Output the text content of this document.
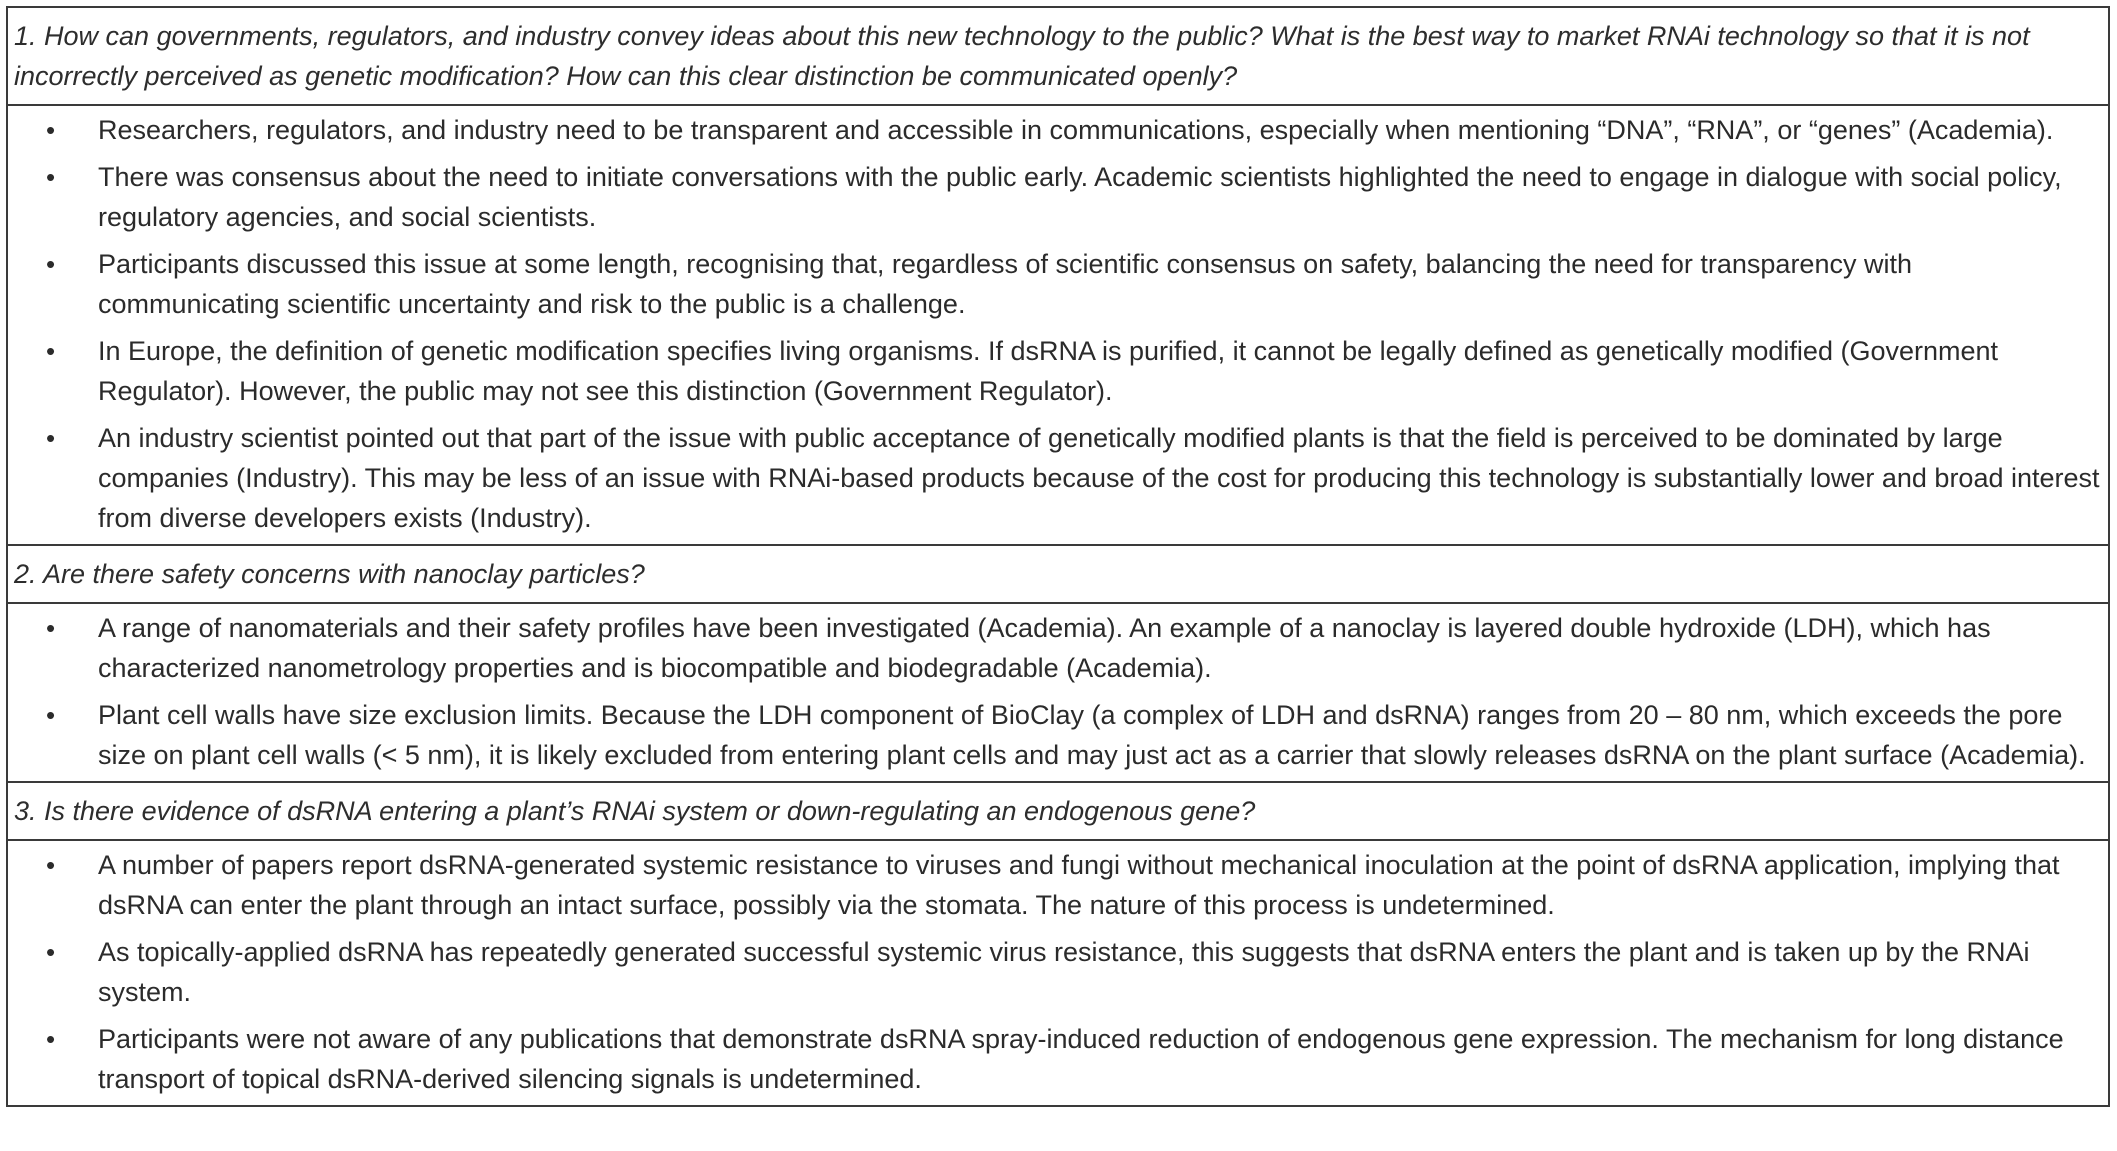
1. How can governments, regulators, and industry convey ideas about this new technology to the public? What is the best way to market RNAi technology so that it is not incorrectly perceived as genetic modification? How can this clear distinction be communicated openly?
•	Researchers, regulators, and industry need to be transparent and accessible in communications, especially when mentioning “DNA”, “RNA”, or “genes” (Academia).
•	There was consensus about the need to initiate conversations with the public early. Academic scientists highlighted the need to engage in dialogue with social policy, regulatory agencies, and social scientists.
•	Participants discussed this issue at some length, recognising that, regardless of scientific consensus on safety, balancing the need for transparency with communicating scientific uncertainty and risk to the public is a challenge.
•	In Europe, the definition of genetic modification specifies living organisms. If dsRNA is purified, it cannot be legally defined as genetically modified (Government Regulator). However, the public may not see this distinction (Government Regulator).
•	An industry scientist pointed out that part of the issue with public acceptance of genetically modified plants is that the field is perceived to be dominated by large companies (Industry). This may be less of an issue with RNAi-based products because of the cost for producing this technology is substantially lower and broad interest from diverse developers exists (Industry).
2. Are there safety concerns with nanoclay particles?
•	A range of nanomaterials and their safety profiles have been investigated (Academia). An example of a nanoclay is layered double hydroxide (LDH), which has characterized nanometrology properties and is biocompatible and biodegradable (Academia).
•	Plant cell walls have size exclusion limits. Because the LDH component of BioClay (a complex of LDH and dsRNA) ranges from 20 – 80 nm, which exceeds the pore size on plant cell walls (< 5 nm), it is likely excluded from entering plant cells and may just act as a carrier that slowly releases dsRNA on the plant surface (Academia).
3. Is there evidence of dsRNA entering a plant’s RNAi system or down-regulating an endogenous gene?
•	A number of papers report dsRNA-generated systemic resistance to viruses and fungi without mechanical inoculation at the point of dsRNA application, implying that dsRNA can enter the plant through an intact surface, possibly via the stomata. The nature of this process is undetermined.
•	As topically-applied dsRNA has repeatedly generated successful systemic virus resistance, this suggests that dsRNA enters the plant and is taken up by the RNAi system.
•	Participants were not aware of any publications that demonstrate dsRNA spray-induced reduction of endogenous gene expression. The mechanism for long distance transport of topical dsRNA-derived silencing signals is undetermined.
